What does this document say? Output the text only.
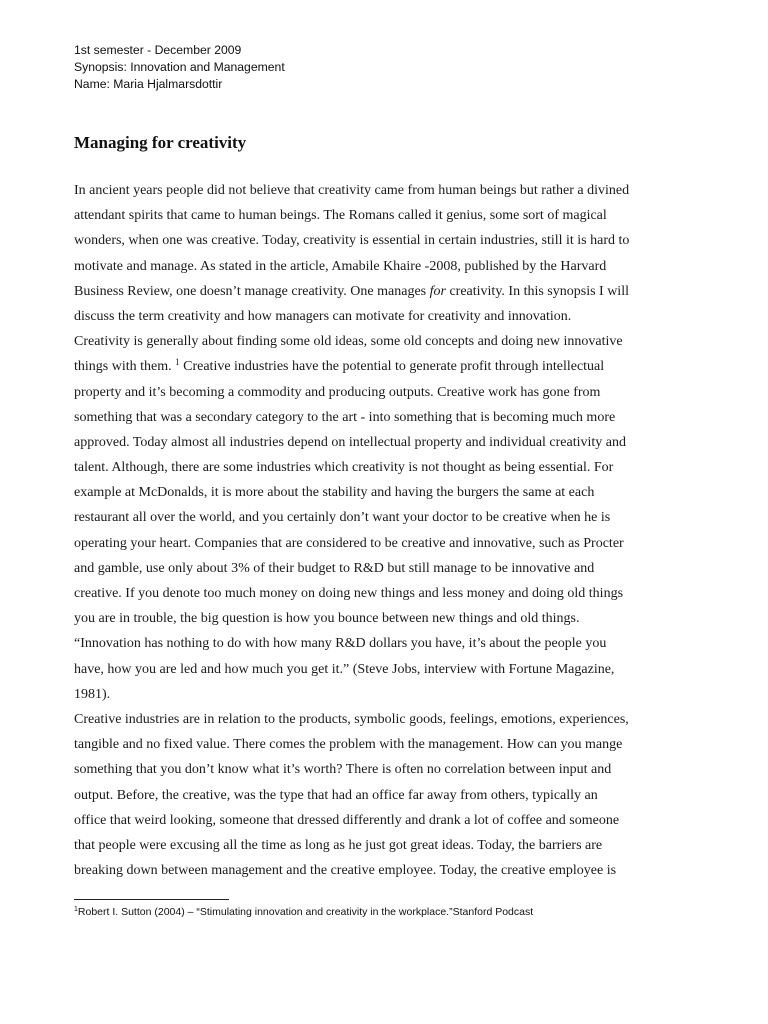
1st semester - December 2009
Synopsis: Innovation and Management
Name: Maria Hjalmarsdottir
Managing for creativity
In ancient years people did not believe that creativity came from human beings but rather a divined
attendant spirits that came to human beings. The Romans called it genius, some sort of magical
wonders, when one was creative. Today, creativity is essential in certain industries, still it is hard to
motivate and manage. As stated in the article, Amabile Khaire -2008, published by the Harvard
Business Review, one doesn’t manage creativity. One manages for creativity. In this synopsis I will
discuss the term creativity and how managers can motivate for creativity and innovation.
Creativity is generally about finding some old ideas, some old concepts and doing new innovative
things with them. $^1$ Creative industries have the potential to generate profit through intellectual
property and it’s becoming a commodity and producing outputs. Creative work has gone from
something that was a secondary category to the art - into something that is becoming much more
approved. Today almost all industries depend on intellectual property and individual creativity and
talent. Although, there are some industries which creativity is not thought as being essential. For
example at McDonalds, it is more about the stability and having the burgers the same at each
restaurant all over the world, and you certainly don’t want your doctor to be creative when he is
operating your heart. Companies that are considered to be creative and innovative, such as Procter
and gamble, use only about 3% of their budget to R&D but still manage to be innovative and
creative. If you denote too much money on doing new things and less money and doing old things
you are in trouble, the big question is how you bounce between new things and old things.
“Innovation has nothing to do with how many R&D dollars you have, it’s about the people you
have, how you are led and how much you get it.” (Steve Jobs, interview with Fortune Magazine,
1981).
Creative industries are in relation to the products, symbolic goods, feelings, emotions, experiences,
tangible and no fixed value. There comes the problem with the management. How can you mange
something that you don’t know what it’s worth? There is often no correlation between input and
output. Before, the creative, was the type that had an office far away from others, typically an
office that weird looking, someone that dressed differently and drank a lot of coffee and someone
that people were excusing all the time as long as he just got great ideas. Today, the barriers are
breaking down between management and the creative employee. Today, the creative employee is
$^1$Robert I. Sutton (2004) – “Stimulating innovation and creativity in the workplace.”Stanford Podcast
